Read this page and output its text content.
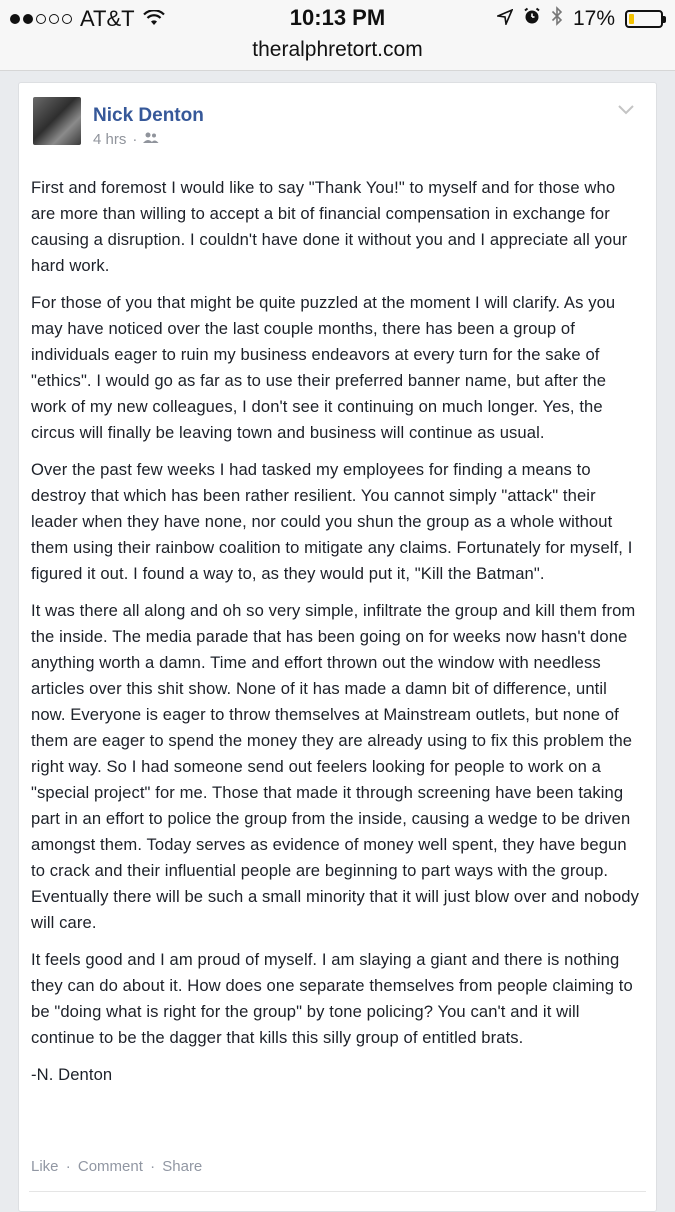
AT&T	10:13 PM	17%
theralphretort.com
Nick Denton
4 hrs ·

First and foremost I would like to say "Thank You!" to myself and for those who are more than willing to accept a bit of financial compensation in exchange for causing a disruption. I couldn't have done it without you and I appreciate all your hard work.

For those of you that might be quite puzzled at the moment I will clarify. As you may have noticed over the last couple months, there has been a group of individuals eager to ruin my business endeavors at every turn for the sake of "ethics". I would go as far as to use their preferred banner name, but after the work of my new colleagues, I don't see it continuing on much longer. Yes, the circus will finally be leaving town and business will continue as usual.

Over the past few weeks I had tasked my employees for finding a means to destroy that which has been rather resilient. You cannot simply "attack" their leader when they have none, nor could you shun the group as a whole without them using their rainbow coalition to mitigate any claims. Fortunately for myself, I figured it out. I found a way to, as they would put it, "Kill the Batman".

It was there all along and oh so very simple, infiltrate the group and kill them from the inside. The media parade that has been going on for weeks now hasn't done anything worth a damn. Time and effort thrown out the window with needless articles over this shit show. None of it has made a damn bit of difference, until now. Everyone is eager to throw themselves at Mainstream outlets, but none of them are eager to spend the money they are already using to fix this problem the right way. So I had someone send out feelers looking for people to work on a "special project" for me. Those that made it through screening have been taking part in an effort to police the group from the inside, causing a wedge to be driven amongst them. Today serves as evidence of money well spent, they have begun to crack and their influential people are beginning to part ways with the group. Eventually there will be such a small minority that it will just blow over and nobody will care.

It feels good and I am proud of myself. I am slaying a giant and there is nothing they can do about it. How does one separate themselves from people claiming to be "doing what is right for the group" by tone policing? You can't and it will continue to be the dagger that kills this silly group of entitled brats.

-N. Denton

Like · Comment · Share
